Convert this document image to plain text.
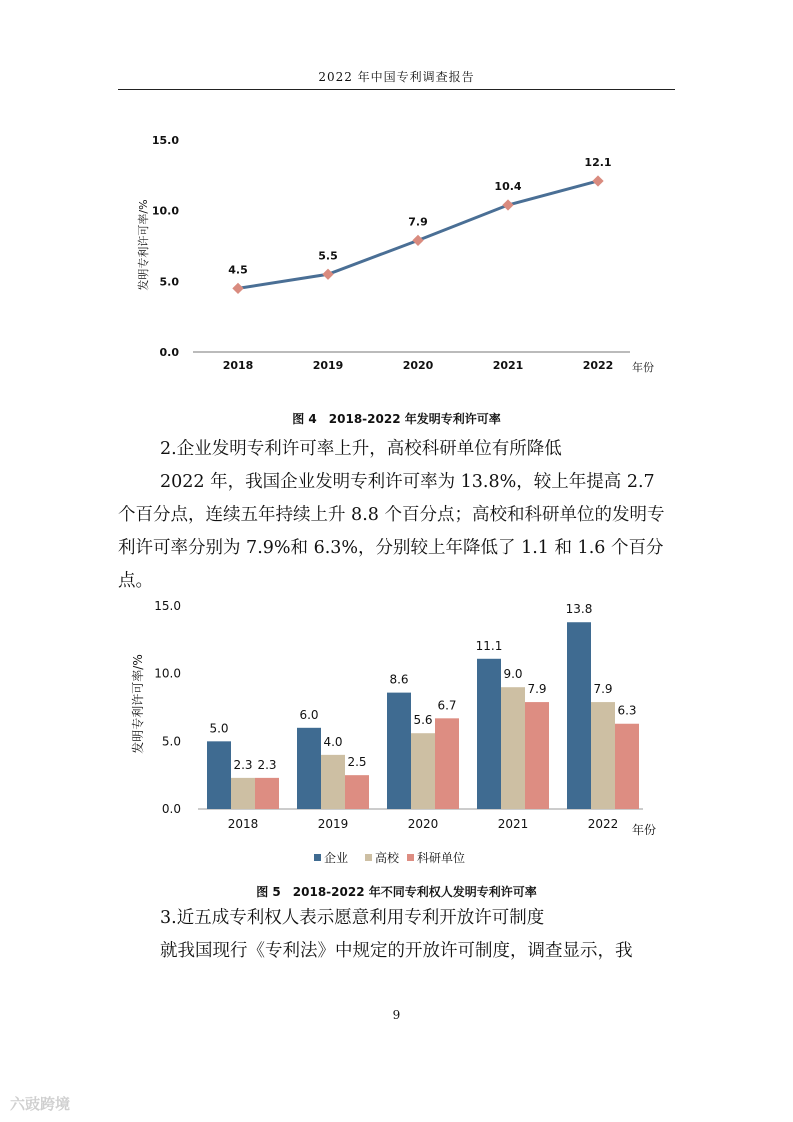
2022 年中国专利调查报告
0.0
5.0
10.0
15.0
2018	2019	2020	2021	2022 年份
发明专利许可率/%	4.5
5.5
7.9
10.4
12.1
图 4　2018-2022 年发明专利许可率

2.企业发明专利许可率上升，高校科研单位有所降低

2022 年，我国企业发明专利许可率为 13.8%，较上年提高 2.7 个百分点，连续五年持续上升 8.8 个百分点；高校和科研单位的发明专利许可率分别为 7.9%和 6.3%，分别较上年降低了 1.1 和 1.6 个百分点。

0.0
5.0
10.0
15.0
5.0
2.3 2.3
6.0
4.0
2.5
8.6
5.6
6.7
11.1
9.0
7.9
13.8
7.9
6.3
2018	2019	2020	2021	2022 年份
发明专利许可率/%
企业 高校 科研单位
图 5　2018-2022 年不同专利权人发明专利许可率

3.近五成专利权人表示愿意利用专利开放许可制度

就我国现行《专利法》中规定的开放许可制度，调查显示，我

9
六豉跨境
